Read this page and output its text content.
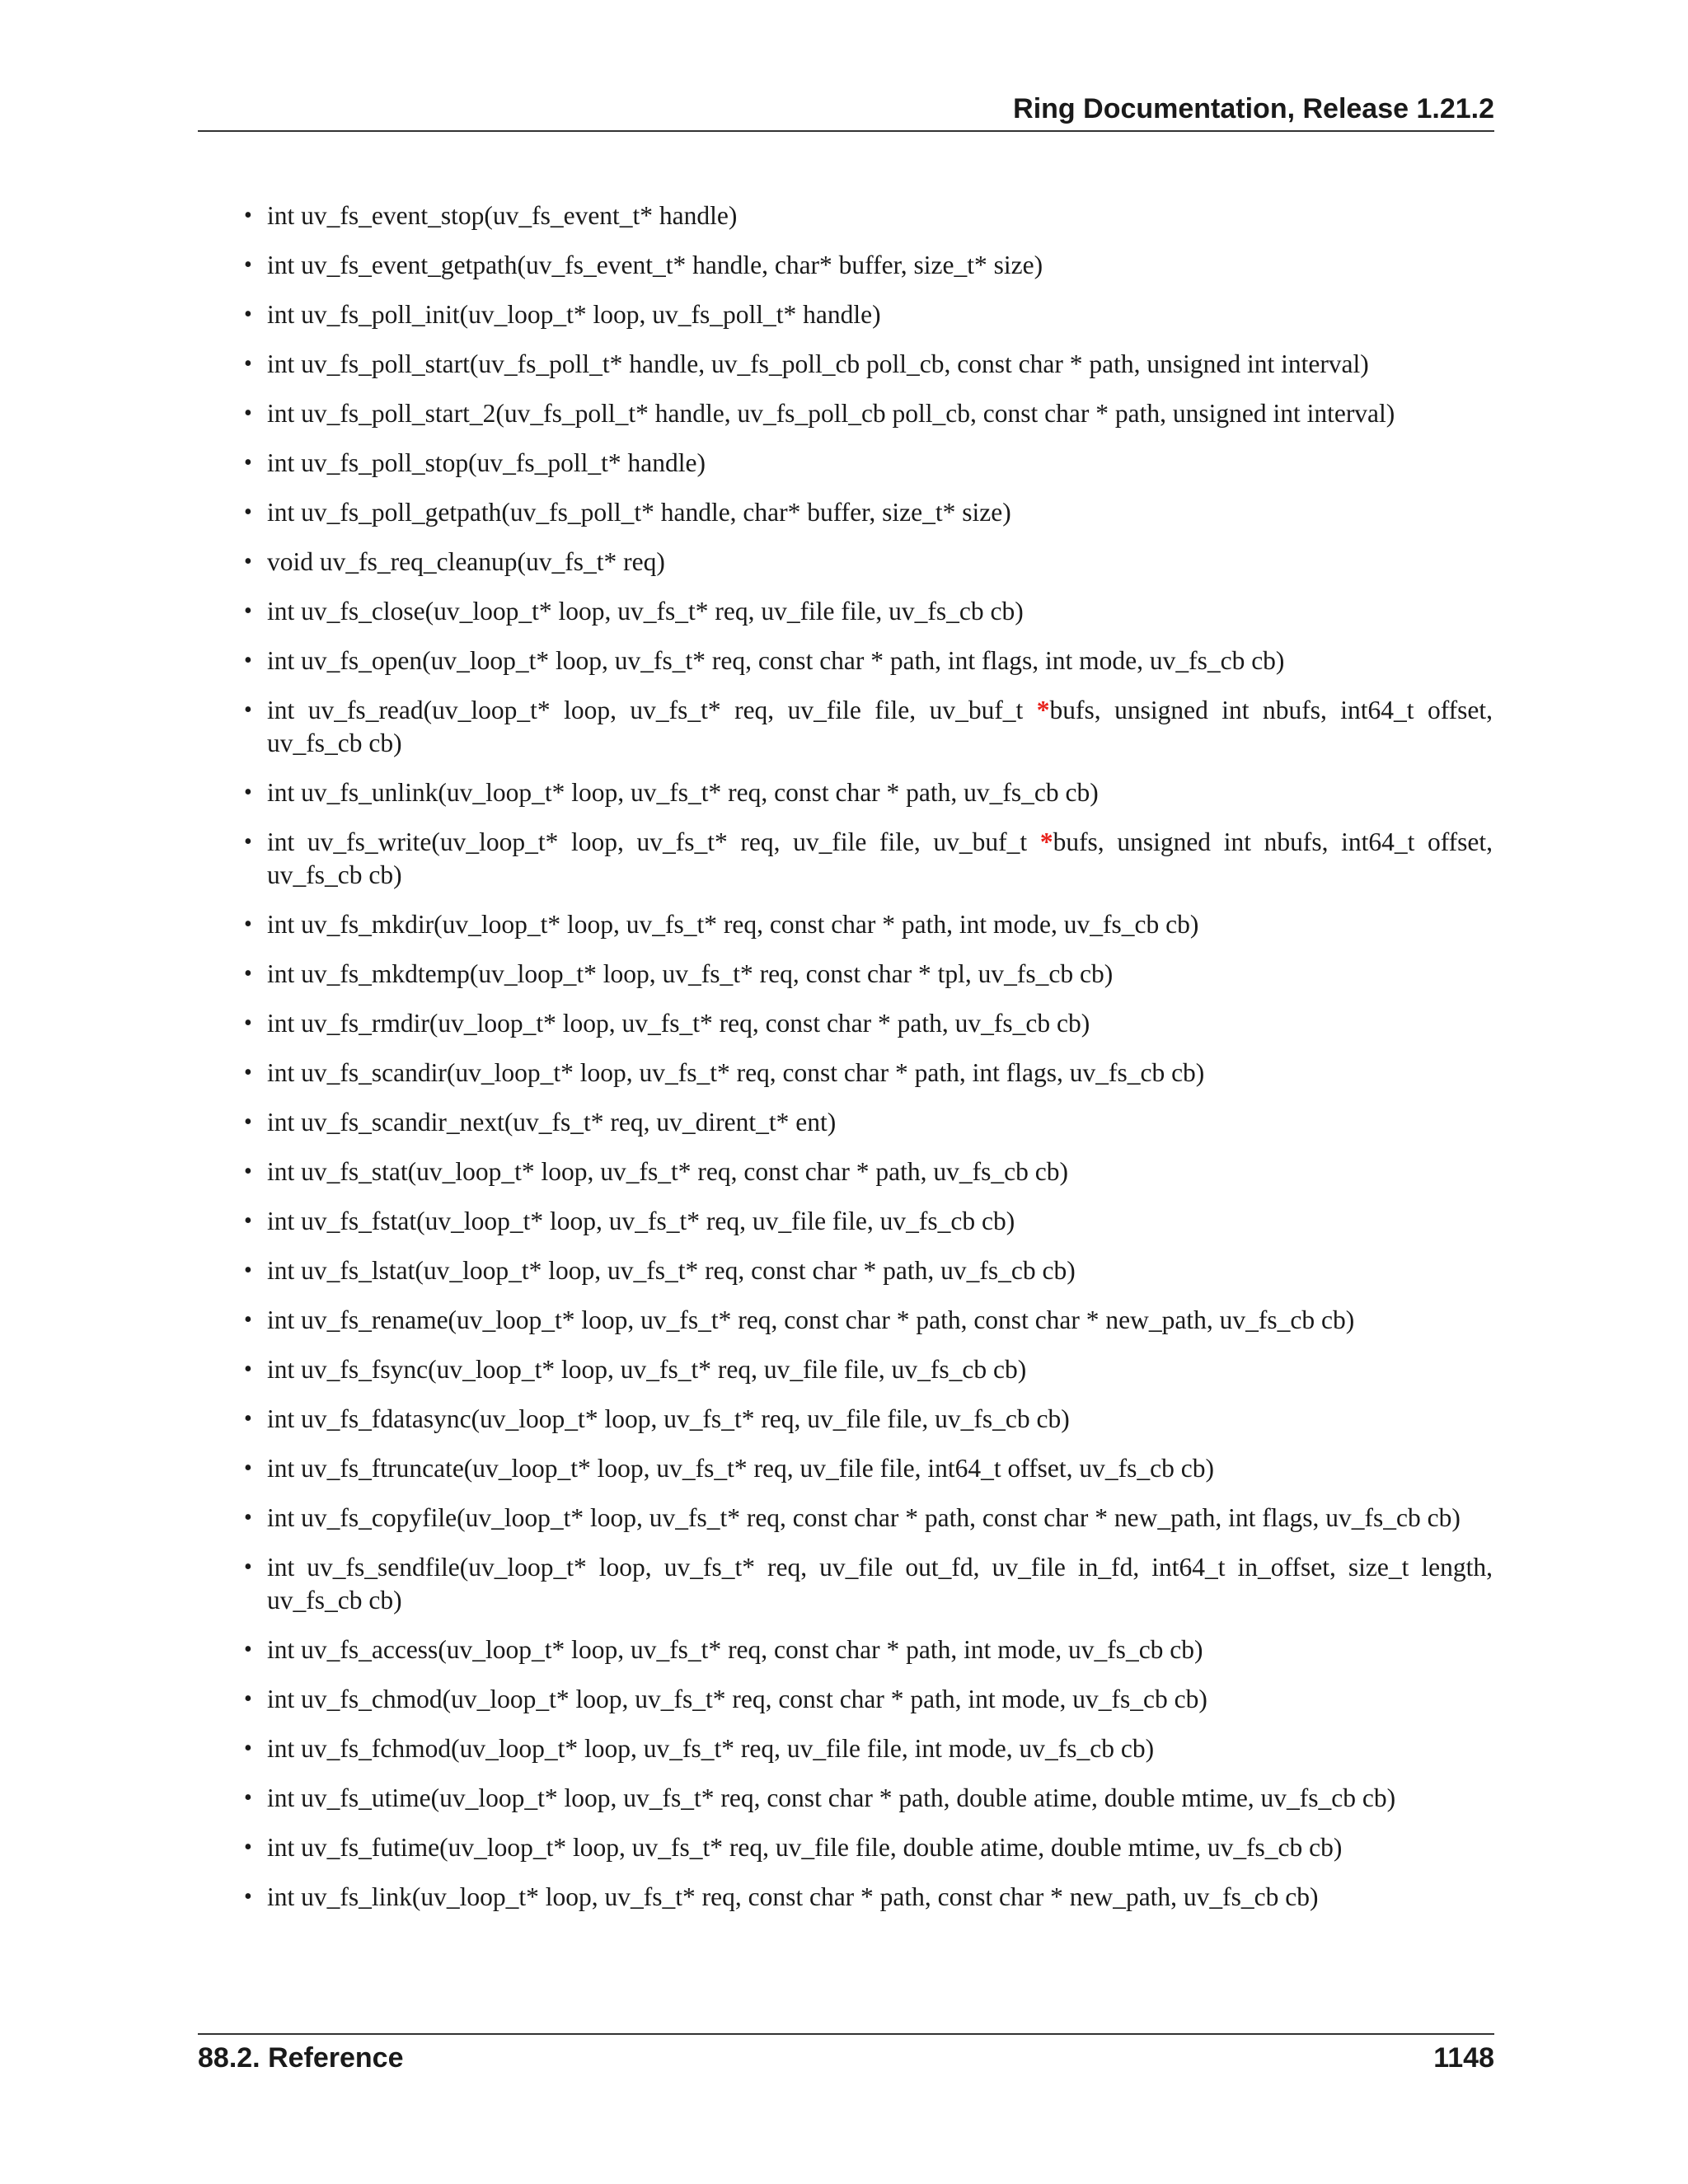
Ring Documentation, Release 1.21.2
• int uv_fs_event_stop(uv_fs_event_t* handle)
• int uv_fs_event_getpath(uv_fs_event_t* handle, char* buffer, size_t* size)
• int uv_fs_poll_init(uv_loop_t* loop, uv_fs_poll_t* handle)
• int uv_fs_poll_start(uv_fs_poll_t* handle, uv_fs_poll_cb poll_cb, const char * path, unsigned int interval)
• int uv_fs_poll_start_2(uv_fs_poll_t* handle, uv_fs_poll_cb poll_cb, const char * path, unsigned int interval)
• int uv_fs_poll_stop(uv_fs_poll_t* handle)
• int uv_fs_poll_getpath(uv_fs_poll_t* handle, char* buffer, size_t* size)
• void uv_fs_req_cleanup(uv_fs_t* req)
• int uv_fs_close(uv_loop_t* loop, uv_fs_t* req, uv_file file, uv_fs_cb cb)
• int uv_fs_open(uv_loop_t* loop, uv_fs_t* req, const char * path, int flags, int mode, uv_fs_cb cb)
• int uv_fs_read(uv_loop_t* loop, uv_fs_t* req, uv_file file, uv_buf_t *bufs, unsigned int nbufs, int64_t offset, uv_fs_cb cb)
• int uv_fs_unlink(uv_loop_t* loop, uv_fs_t* req, const char * path, uv_fs_cb cb)
• int uv_fs_write(uv_loop_t* loop, uv_fs_t* req, uv_file file, uv_buf_t *bufs, unsigned int nbufs, int64_t offset, uv_fs_cb cb)
• int uv_fs_mkdir(uv_loop_t* loop, uv_fs_t* req, const char * path, int mode, uv_fs_cb cb)
• int uv_fs_mkdtemp(uv_loop_t* loop, uv_fs_t* req, const char * tpl, uv_fs_cb cb)
• int uv_fs_rmdir(uv_loop_t* loop, uv_fs_t* req, const char * path, uv_fs_cb cb)
• int uv_fs_scandir(uv_loop_t* loop, uv_fs_t* req, const char * path, int flags, uv_fs_cb cb)
• int uv_fs_scandir_next(uv_fs_t* req, uv_dirent_t* ent)
• int uv_fs_stat(uv_loop_t* loop, uv_fs_t* req, const char * path, uv_fs_cb cb)
• int uv_fs_fstat(uv_loop_t* loop, uv_fs_t* req, uv_file file, uv_fs_cb cb)
• int uv_fs_lstat(uv_loop_t* loop, uv_fs_t* req, const char * path, uv_fs_cb cb)
• int uv_fs_rename(uv_loop_t* loop, uv_fs_t* req, const char * path, const char * new_path, uv_fs_cb cb)
• int uv_fs_fsync(uv_loop_t* loop, uv_fs_t* req, uv_file file, uv_fs_cb cb)
• int uv_fs_fdatasync(uv_loop_t* loop, uv_fs_t* req, uv_file file, uv_fs_cb cb)
• int uv_fs_ftruncate(uv_loop_t* loop, uv_fs_t* req, uv_file file, int64_t offset, uv_fs_cb cb)
• int uv_fs_copyfile(uv_loop_t* loop, uv_fs_t* req, const char * path, const char * new_path, int flags, uv_fs_cb cb)
• int uv_fs_sendfile(uv_loop_t* loop, uv_fs_t* req, uv_file out_fd, uv_file in_fd, int64_t in_offset, size_t length, uv_fs_cb cb)
• int uv_fs_access(uv_loop_t* loop, uv_fs_t* req, const char * path, int mode, uv_fs_cb cb)
• int uv_fs_chmod(uv_loop_t* loop, uv_fs_t* req, const char * path, int mode, uv_fs_cb cb)
• int uv_fs_fchmod(uv_loop_t* loop, uv_fs_t* req, uv_file file, int mode, uv_fs_cb cb)
• int uv_fs_utime(uv_loop_t* loop, uv_fs_t* req, const char * path, double atime, double mtime, uv_fs_cb cb)
• int uv_fs_futime(uv_loop_t* loop, uv_fs_t* req, uv_file file, double atime, double mtime, uv_fs_cb cb)
• int uv_fs_link(uv_loop_t* loop, uv_fs_t* req, const char * path, const char * new_path, uv_fs_cb cb)
88.2. Reference	1148
